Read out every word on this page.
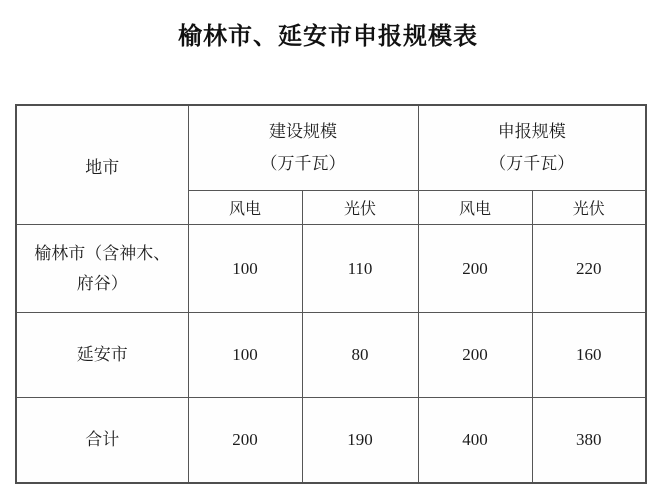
榆林市、延安市申报规模表
地市	
建设规模
（万千瓦）

申报规模
（万千瓦）

	风电	光伏	风电	光伏

榆林市（含神木、
府谷）	100	110	200	220

延安市	100	80	200	160

合计	200	190	400	380
